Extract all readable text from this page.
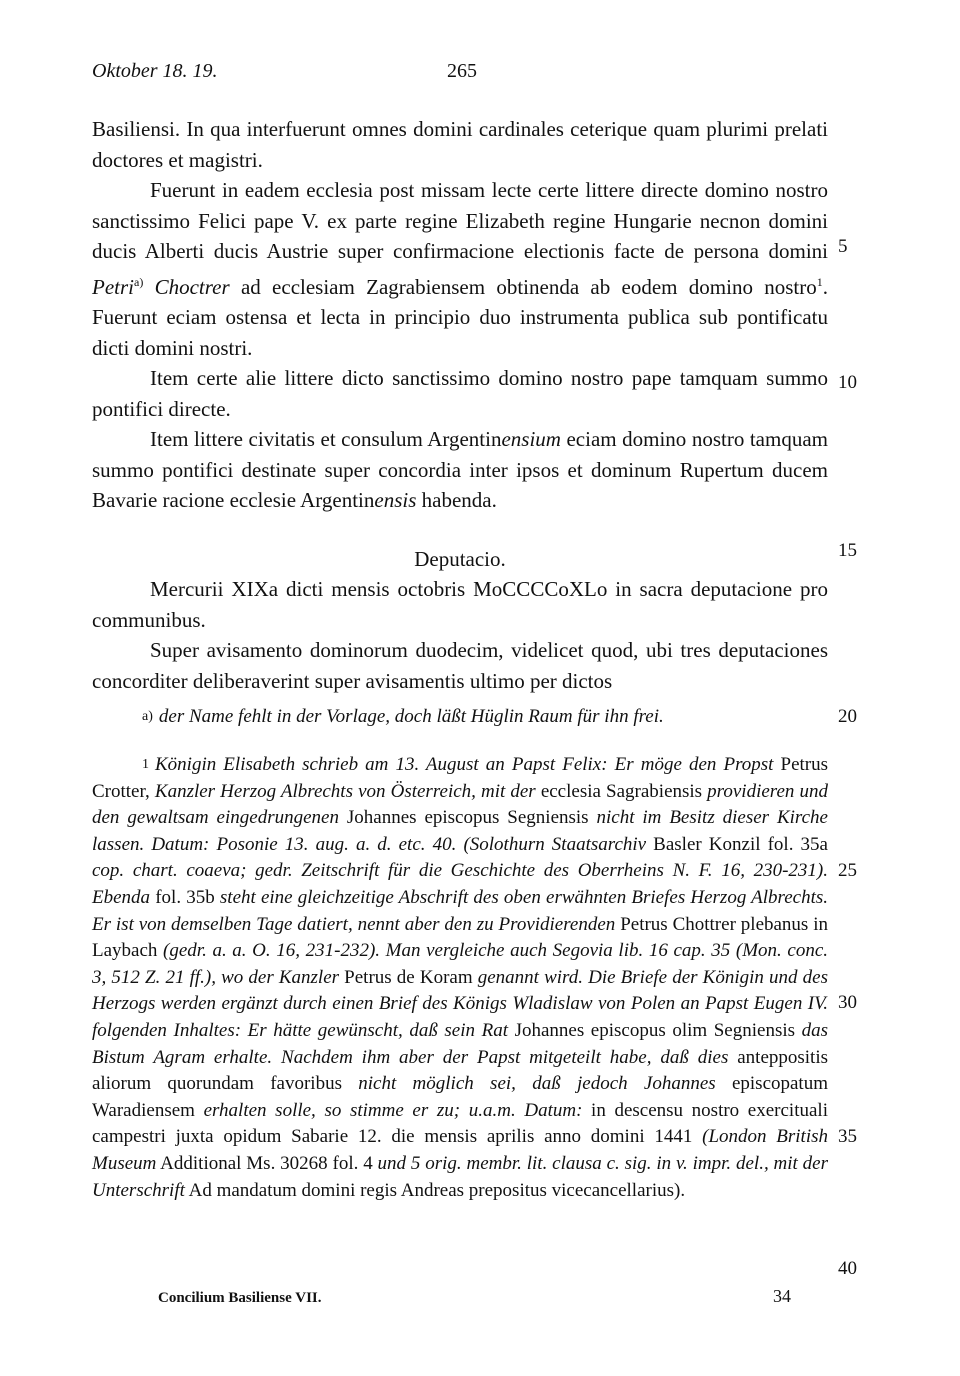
Oktober 18. 19.	265

Basiliensi. In qua interfuerunt omnes domini cardinales ceterique quam plurimi prelati doctores et magistri.

Fuerunt in eadem ecclesia post missam lecte certe littere directe domino nostro sanctissimo Felici pape V. ex parte regine Elizabeth regine Hungarie necnon domini ducis Alberti ducis Austrie super confirmacione electionis facte de persona domini Petri$^{a)}$ Choctrer ad ecclesiam Zagrabiensem obtinenda ab eodem domino nostro$^1$. Fuerunt eciam ostensa et lecta in principio duo instrumenta publica sub pontificatu dicti domini nostri.

Item certe alie littere dicto sanctissimo domino nostro pape tamquam summo pontifici directe.

Item littere civitatis et consulum Argentinensium eciam domino nostro tamquam summo pontifici destinate super concordia inter ipsos et dominum Rupertum ducem Bavarie racione ecclesie Argentinensis habenda.

Deputacio.

Mercurii XIXa dicti mensis octobris MoCCCCoXLo in sacra deputacione pro communibus.

Super avisamento dominorum duodecim, videlicet quod, ubi tres deputaciones concorditer deliberaverint super avisamentis ultimo per dictos

5
10
15
20
25
30
35
40

$^{a)}$ der Name fehlt in der Vorlage, doch läßt Hüglin Raum für ihn frei.

$^1$ Königin Elisabeth schrieb am 13. August an Papst Felix: Er möge den Propst Petrus Crotter, Kanzler Herzog Albrechts von Österreich, mit der ecclesia Sagrabiensis providieren und den gewaltsam eingedrungenen Johannes episcopus Segniensis nicht im Besitz dieser Kirche lassen. Datum: Posonie 13. aug. a. d. etc. 40. (Solothurn Staatsarchiv Basler Konzil fol. 35a cop. chart. coaeva; gedr. Zeitschrift für die Geschichte des Oberrheins N. F. 16, 230-231). Ebenda fol. 35b steht eine gleichzeitige Abschrift des oben erwähnten Briefes Herzog Albrechts. Er ist von demselben Tage datiert, nennt aber den zu Providierenden Petrus Chottrer plebanus in Laybach (gedr. a. a. O. 16, 231-232). Man vergleiche auch Segovia lib. 16 cap. 35 (Mon. conc. 3, 512 Z. 21 ff.), wo der Kanzler Petrus de Koram genannt wird. Die Briefe der Königin und des Herzogs werden ergänzt durch einen Brief des Königs Wladislaw von Polen an Papst Eugen IV. folgenden Inhaltes: Er hätte gewünscht, daß sein Rat Johannes episcopus olim Segniensis das Bistum Agram erhalte. Nachdem ihm aber der Papst mitgeteilt habe, daß dies anteppositis aliorum quorundam favoribus nicht möglich sei, daß jedoch Johannes episcopatum Waradiensem erhalten solle, so stimme er zu; u.a.m. Datum: in descensu nostro exercituali campestri juxta opidum Sabarie 12. die mensis aprilis anno domini 1441 (London British Museum Additional Ms. 30268 fol. 4 und 5 orig. membr. lit. clausa c. sig. in v. impr. del., mit der Unterschrift Ad mandatum domini regis Andreas prepositus vicecancellarius).

Concilium Basiliense VII.	34
